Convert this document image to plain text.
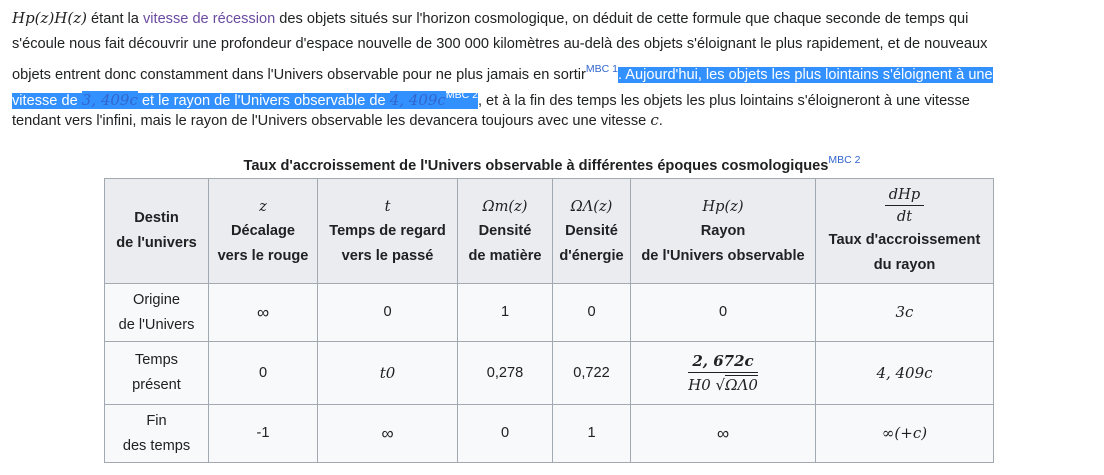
Hp(z)H(z) étant la vitesse de récession des objets situés sur l'horizon cosmologique, on déduit de cette formule que chaque seconde de temps qui
s'écoule nous fait découvrir une profondeur d'espace nouvelle de 300 000 kilomètres au-delà des objets s'éloignant le plus rapidement, et de nouveaux
objets entrent donc constamment dans l'Univers observable pour ne plus jamais en sortir$^{MBC 1}$. Aujourd'hui, les objets les plus lointains s'éloignent à une
vitesse de 3, 409c et le rayon de l'Univers observable de 4, 409c$^{MBC 2}$, et à la fin des temps les objets les plus lointains s'éloigneront à une vitesse
tendant vers l'infini, mais le rayon de l'Univers observable les devancera toujours avec une vitesse c.
Taux d'accroissement de l'Univers observable à différentes époques cosmologiques$^{MBC 2}$
Destin
de l'univers	z
Décalage
vers le rouge	t
Temps de regard
vers le passé	Ωm(z)
Densité
de matière	ΩΛ(z)
Densité
d'énergie	Hp(z)
Rayon
de l'Univers observable	$\frac{\text{dHp}}{dt}$
Taux d'accroissement
du rayon

Origine
de l'Univers	∞	0	1	0	0	3c

Temps
présent	0	t0	0,278	0,722	$\frac{2, 672c}{H0 √\Omega\Lambda 0}$	4, 409c

Fin
des temps	-1	∞	0	1	∞	∞(+c)
